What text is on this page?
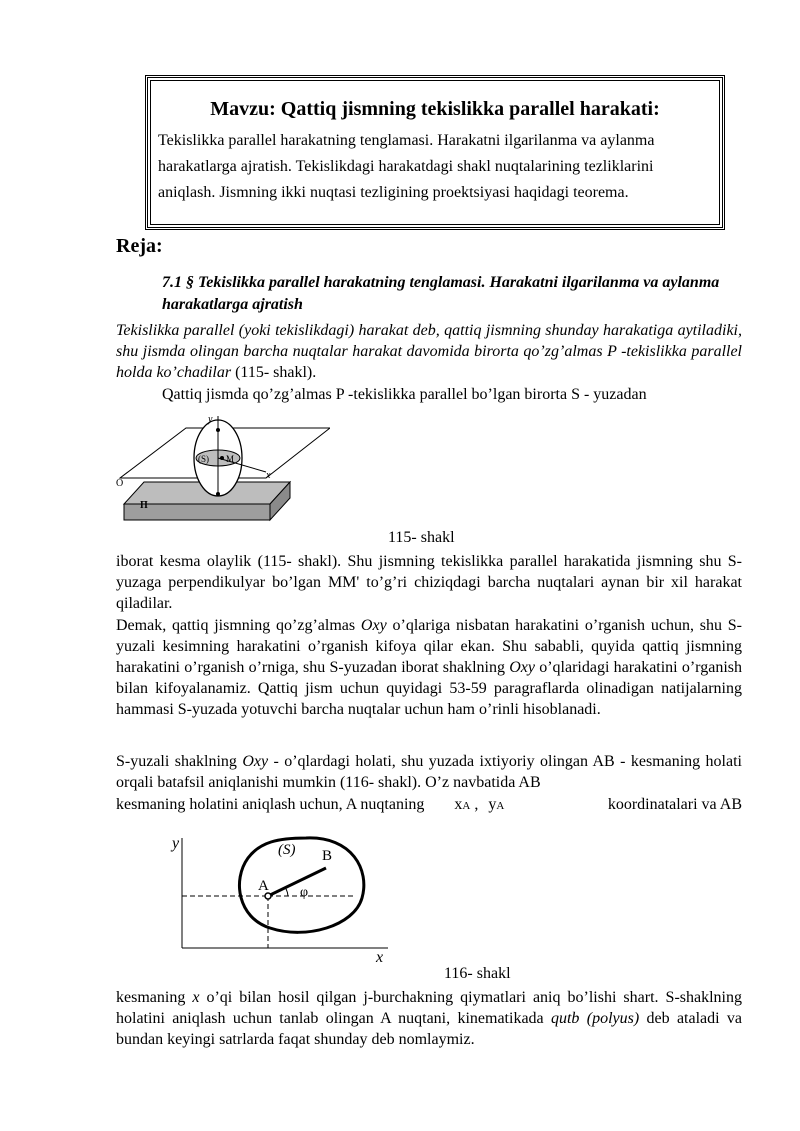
Mavzu: Qattiq jismning tekislikka parallel harakati:
Tekislikka parallel harakatning tenglamasi. Harakatni ilgarilanma va aylanma harakatlarga ajratish. Tekislikdagi harakatdagi shakl nuqtalarining tezliklarini aniqlash. Jismning ikki nuqtasi tezligining proektsiyasi haqidagi teorema.
Reja:
7.1 § Tekislikka parallel harakatning tenglamasi. Harakatni ilgarilanma va aylanma harakatlarga ajratish
Tekislikka parallel (yoki tekislikdagi) harakat deb, qattiq jismning shunday harakatiga aytiladiki, shu jismda olingan barcha nuqtalar harakat davomida birorta qo’zg’almas P -tekislikka parallel holda ko’chadilar (115- shakl).
Qattiq jismda qo’zg’almas P -tekislikka parallel bo’lgan birorta S - yuzadan
y
x
O
(S) M
Π
115- shakl
iborat kesma olaylik (115- shakl). Shu jismning tekislikka parallel harakatida jismning shu S-yuzaga perpendikulyar bo’lgan MM' to’g’ri chiziqdagi barcha nuqtalari aynan bir xil harakat qiladilar.
Demak, qattiq jismning qo’zg’almas Oxy o’qlariga nisbatan harakatini o’rganish uchun, shu S-yuzali kesimning harakatini o’rganish kifoya qilar ekan. Shu sababli, quyida qattiq jismning harakatini o’rganish o’rniga, shu S-yuzadan iborat shaklning Oxy o’qlaridagi harakatini o’rganish bilan kifoyalanamiz. Qattiq jism uchun quyidagi 53-59 paragraflarda olinadigan natijalarning hammasi S-yuzada yotuvchi barcha nuqtalar uchun ham o’rinli hisoblanadi.
S-yuzali shaklning Oxy - o’qlardagi holati, shu yuzada ixtiyoriy olingan AB - kesmaning holati orqali batafsil aniqlanishi mumkin (116- shakl). O’z navbatida AB
kesmaning holatini aniqlash uchun, A nuqtaning xA , yA	koordinatalari va AB
y
x
(S)
A
B
φ
116- shakl
kesmaning x o’qi bilan hosil qilgan j-burchakning qiymatlari aniq bo’lishi shart. S-shaklning holatini aniqlash uchun tanlab olingan A nuqtani, kinematikada qutb (polyus) deb ataladi va bundan keyingi satrlarda faqat shunday deb nomlaymiz.
